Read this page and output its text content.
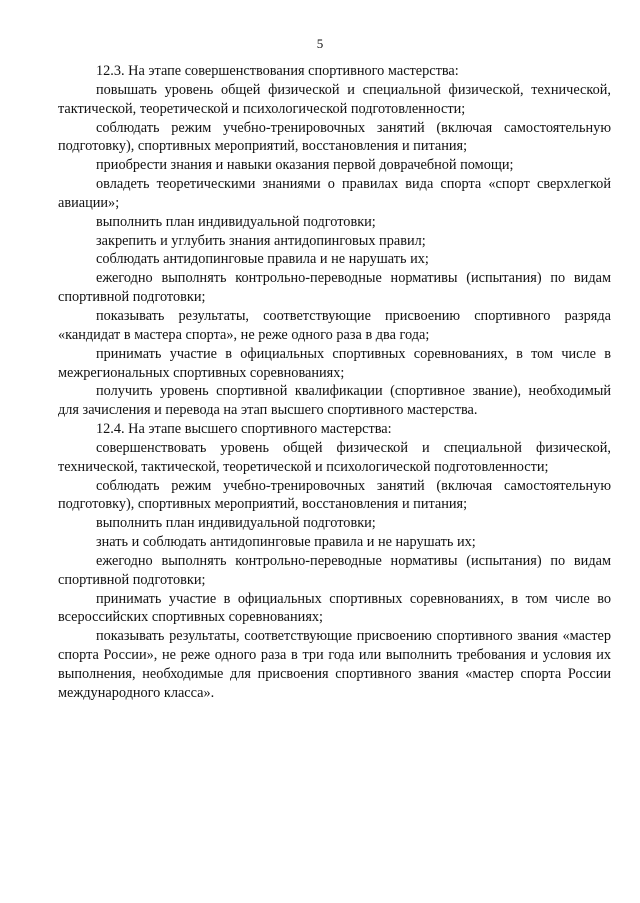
5

12.3. На этапе совершенствования спортивного мастерства:

повышать уровень общей физической и специальной физической, технической, тактической, теоретической и психологической подготовленности;

соблюдать режим учебно-тренировочных занятий (включая самостоятельную подготовку), спортивных мероприятий, восстановления и питания;

приобрести знания и навыки оказания первой доврачебной помощи;

овладеть теоретическими знаниями о правилах вида спорта «спорт сверхлегкой авиации»;

выполнить план индивидуальной подготовки;

закрепить и углубить знания антидопинговых правил;

соблюдать антидопинговые правила и не нарушать их;

ежегодно выполнять контрольно-переводные нормативы (испытания) по видам спортивной подготовки;

показывать результаты, соответствующие присвоению спортивного разряда «кандидат в мастера спорта», не реже одного раза в два года;

принимать участие в официальных спортивных соревнованиях, в том числе в межрегиональных спортивных соревнованиях;

получить уровень спортивной квалификации (спортивное звание), необходимый для зачисления и перевода на этап высшего спортивного мастерства.

12.4. На этапе высшего спортивного мастерства:

совершенствовать уровень общей физической и специальной физической, технической, тактической, теоретической и психологической подготовленности;

соблюдать режим учебно-тренировочных занятий (включая самостоятельную подготовку), спортивных мероприятий, восстановления и питания;

выполнить план индивидуальной подготовки;

знать и соблюдать антидопинговые правила и не нарушать их;

ежегодно выполнять контрольно-переводные нормативы (испытания) по видам спортивной подготовки;

принимать участие в официальных спортивных соревнованиях, в том числе во всероссийских спортивных соревнованиях;

показывать результаты, соответствующие присвоению спортивного звания «мастер спорта России», не реже одного раза в три года или выполнить требования и условия их выполнения, необходимые для присвоения спортивного звания «мастер спорта России международного класса».
